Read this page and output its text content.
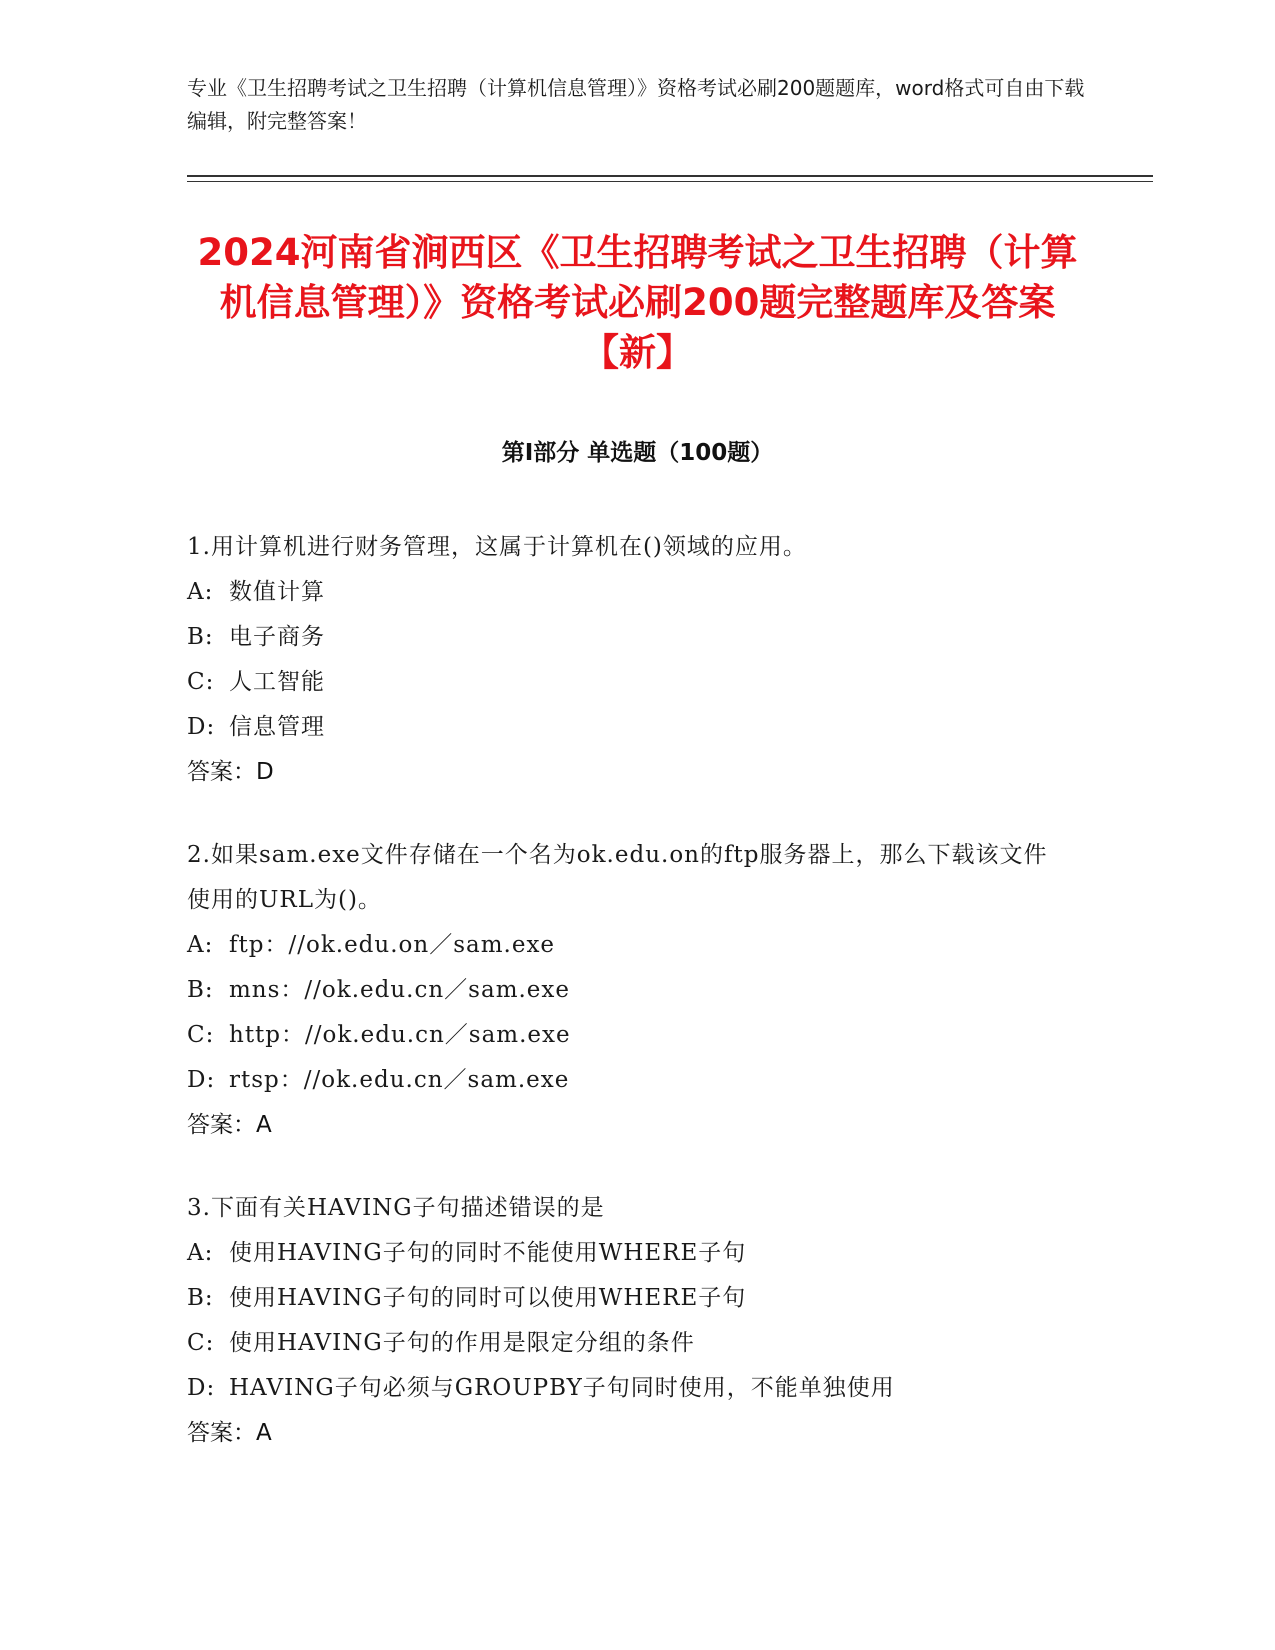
专业《卫生招聘考试之卫生招聘（计算机信息管理）》资格考试必刷200题题库，word格式可自由下载编辑，附完整答案！
2024河南省涧西区《卫生招聘考试之卫生招聘（计算机信息管理）》资格考试必刷200题完整题库及答案【新】
第Ⅰ部分 单选题（100题）
1.用计算机进行财务管理，这属于计算机在()领域的应用。
A: 数值计算
B: 电子商务
C: 人工智能
D: 信息管理
答案：D
2.如果sam.exe文件存储在一个名为ok.edu.on的ftp服务器上，那么下载该文件使用的URL为()。
A: ftp：//ok.edu.on／sam.exe
B: mns：//ok.edu.cn／sam.exe
C: http：//ok.edu.cn／sam.exe
D: rtsp：//ok.edu.cn／sam.exe
答案：A
3.下面有关HAVING子句描述错误的是
A: 使用HAVING子句的同时不能使用WHERE子句
B: 使用HAVING子句的同时可以使用WHERE子句
C: 使用HAVING子句的作用是限定分组的条件
D: HAVING子句必须与GROUPBY子句同时使用，不能单独使用
答案：A
